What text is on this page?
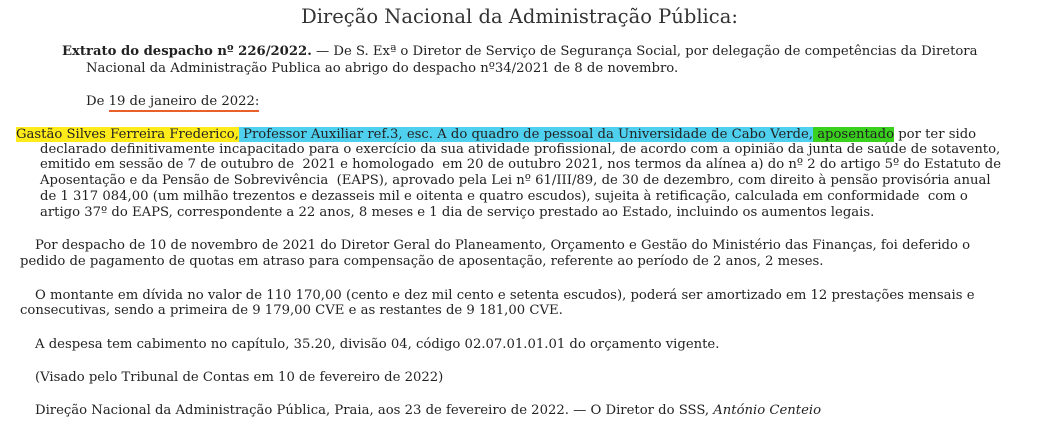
Direção Nacional da Administração Pública:
Extrato do despacho nº 226/2022. — De S. Exª o Diretor de Serviço de Segurança Social, por delegação de competências da Diretora
Nacional da Administração Publica ao abrigo do despacho nº34/2021 de 8 de novembro.
De 19 de janeiro de 2022:
Gastão Silves Ferreira Frederico, Professor Auxiliar ref.3, esc. A do quadro de pessoal da Universidade de Cabo Verde, aposentado por ter sido
declarado definitivamente incapacitado para o exercício da sua atividade profissional, de acordo com a opinião da junta de saúde de sotavento,
emitido em sessão de 7 de outubro de  2021 e homologado  em 20 de outubro 2021, nos termos da alínea a) do nº 2 do artigo 5º do Estatuto de
Aposentação e da Pensão de Sobrevivência  (EAPS), aprovado pela Lei nº 61/III/89, de 30 de dezembro, com direito à pensão provisória anual
de 1 317 084,00 (um milhão trezentos e dezasseis mil e oitenta e quatro escudos), sujeita à retificação, calculada em conformidade  com o
artigo 37º do EAPS, correspondente a 22 anos, 8 meses e 1 dia de serviço prestado ao Estado, incluindo os aumentos legais.
Por despacho de 10 de novembro de 2021 do Diretor Geral do Planeamento, Orçamento e Gestão do Ministério das Finanças, foi deferido o
pedido de pagamento de quotas em atraso para compensação de aposentação, referente ao período de 2 anos, 2 meses.
O montante em dívida no valor de 110 170,00 (cento e dez mil cento e setenta escudos), poderá ser amortizado em 12 prestações mensais e
consecutivas, sendo a primeira de 9 179,00 CVE e as restantes de 9 181,00 CVE.
A despesa tem cabimento no capítulo, 35.20, divisão 04, código 02.07.01.01.01 do orçamento vigente.
(Visado pelo Tribunal de Contas em 10 de fevereiro de 2022)
Direção Nacional da Administração Pública, Praia, aos 23 de fevereiro de 2022. — O Diretor do SSS, António Centeio
